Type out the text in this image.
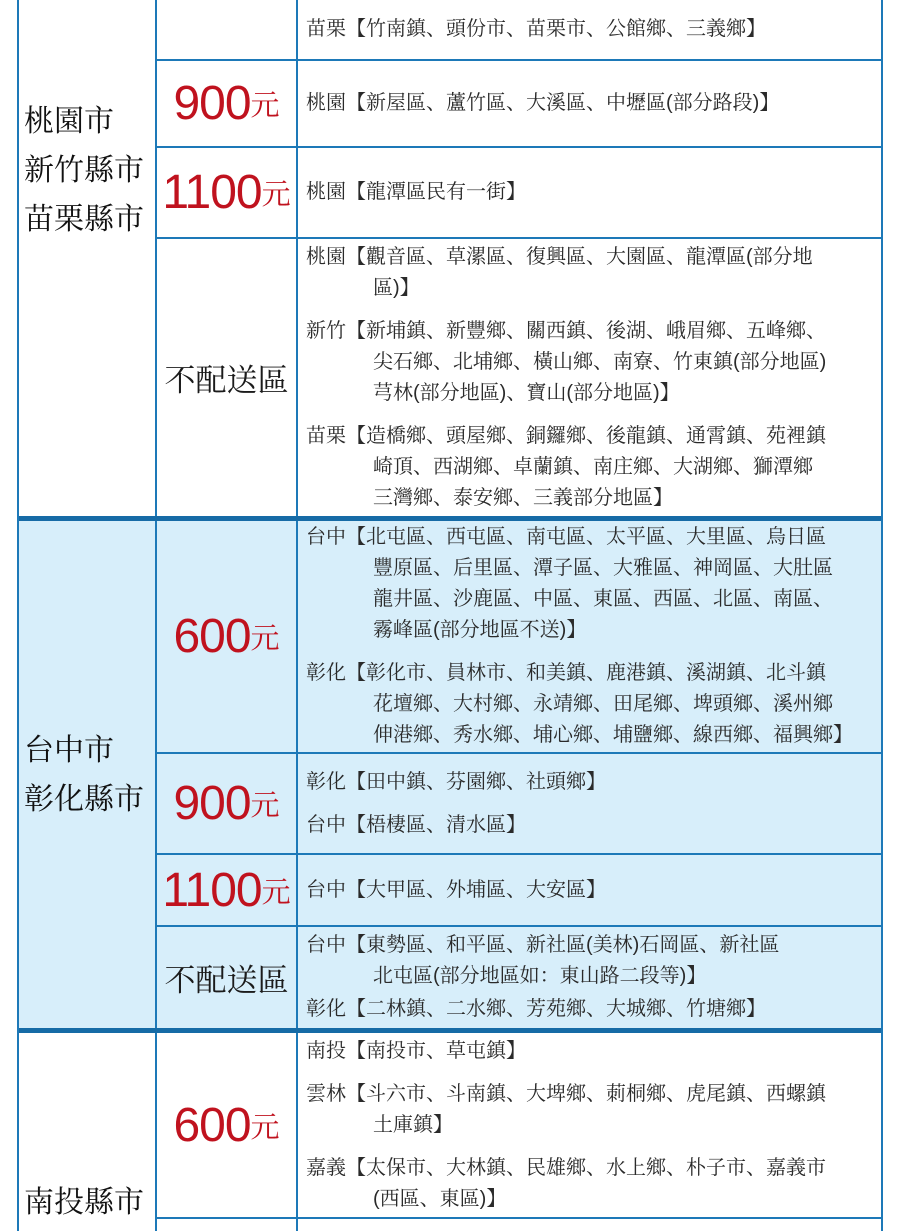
桃園市
新竹縣市
苗栗縣市
苗栗【竹南鎮、頭份市、苗栗市、公館鄉、三義鄉】
900 元 桃園【新屋區、蘆竹區、大溪區、中壢區(部分路段)】
1100 元 桃園【龍潭區民有一街】
不配送區
桃園【觀音區、草漯區、復興區、大園區、龍潭區(部分地
區)】
新竹【新埔鎮、新豐鄉、關西鎮、後湖、峨眉鄉、五峰鄉、
尖石鄉、北埔鄉、橫山鄉、南寮、竹東鎮(部分地區)
芎林(部分地區)、寶山(部分地區)】
苗栗【造橋鄉、頭屋鄉、銅鑼鄉、後龍鎮、通霄鎮、苑裡鎮
崎頂、西湖鄉、卓蘭鎮、南庄鄉、大湖鄉、獅潭鄉
三灣鄉、泰安鄉、三義部分地區】
台中市
彰化縣市
600 元
台中【北屯區、西屯區、南屯區、太平區、大里區、烏日區
豐原區、后里區、潭子區、大雅區、神岡區、大肚區
龍井區、沙鹿區、中區、東區、西區、北區、南區、
霧峰區(部分地區不送)】
彰化【彰化市、員林市、和美鎮、鹿港鎮、溪湖鎮、北斗鎮
花壇鄉、大村鄉、永靖鄉、田尾鄉、埤頭鄉、溪州鄉
伸港鄉、秀水鄉、埔心鄉、埔鹽鄉、線西鄉、福興鄉】
900 元
彰化【田中鎮、芬園鄉、社頭鄉】
台中【梧棲區、清水區】
1100 元 台中【大甲區、外埔區、大安區】
不配送區
台中【東勢區、和平區、新社區(美林)石岡區、新社區
北屯區(部分地區如：東山路二段等)】
彰化【二林鎮、二水鄉、芳苑鄉、大城鄉、竹塘鄉】
南投縣市
600 元
南投【南投市、草屯鎮】
雲林【斗六市、斗南鎮、大埤鄉、莿桐鄉、虎尾鎮、西螺鎮
土庫鎮】
嘉義【太保市、大林鎮、民雄鄉、水上鄉、朴子市、嘉義市
(西區、東區)】
